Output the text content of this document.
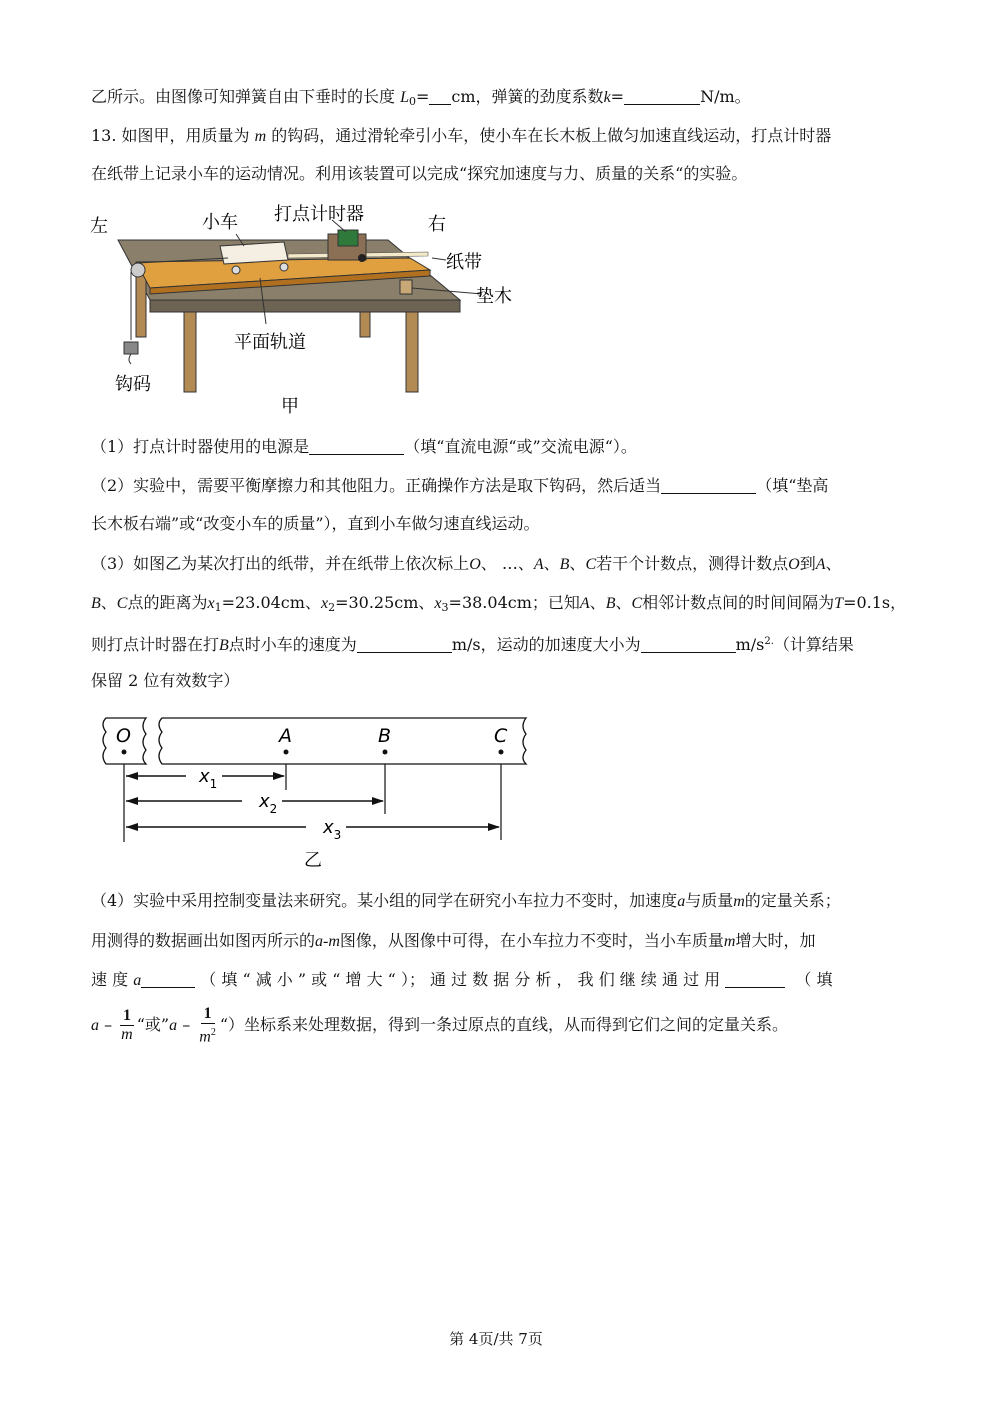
乙所示。由图像可知弹簧自由下垂时的长度 $L_0=$ cm，弹簧的劲度系数k=	N/m。
13. 如图甲，用质量为 m 的钩码，通过滑轮牵引小车，使小车在长木板上做匀加速直线运动，打点计时器
在纸带上记录小车的运动情况。利用该装置可以完成“探究加速度与力、质量的关系“的实验。
左	右
小车 打点计时器
纸带
垫木
平面轨道
钩码
甲
（1）打点计时器使用的电源是	（填“直流电源“或”交流电源“）。
（2）实验中，需要平衡摩擦力和其他阻力。正确操作方法是取下钩码，然后适当	（填“垫高
长木板右端”或“改变小车的质量”），直到小车做匀速直线运动。
（3）如图乙为某次打出的纸带，并在纸带上依次标上O、 …、A、B、C若干个计数点，测得计数点O到A、
B、C点的距离为$x_1=23.04cm$、$x_2=30.25cm$、$x_3=38.04cm$；已知A、B、C相邻计数点间的时间间隔为T=0.1s，
则打点计时器在打B点时小车的速度为	m/s，运动的加速度大小为	$m/s^{2.}$（计算结果
保留 2 位有效数字）
O	A	B	C
$x_1$
$x_2$
$x_3$
乙
（4）实验中采用控制变量法来研究。某小组的同学在研究小车拉力不变时，加速度a与质量m的定量关系；
用测得的数据画出如图丙所示的a-m图像，从图像中可得，在小车拉力不变时，当小车质量m增大时，加
速 度 a	（ 填 “ 减 小 ” 或 “ 增 大 “ ）； 通 过 数 据 分 析 ， 我 们 继 续 通 过 用	（ 填
a – $\frac{1}{m}$ “或”a – $\frac{1}{m^2}$ “）坐标系来处理数据，得到一条过原点的直线，从而得到它们之间的定量关系。
第 4页/共 7页
